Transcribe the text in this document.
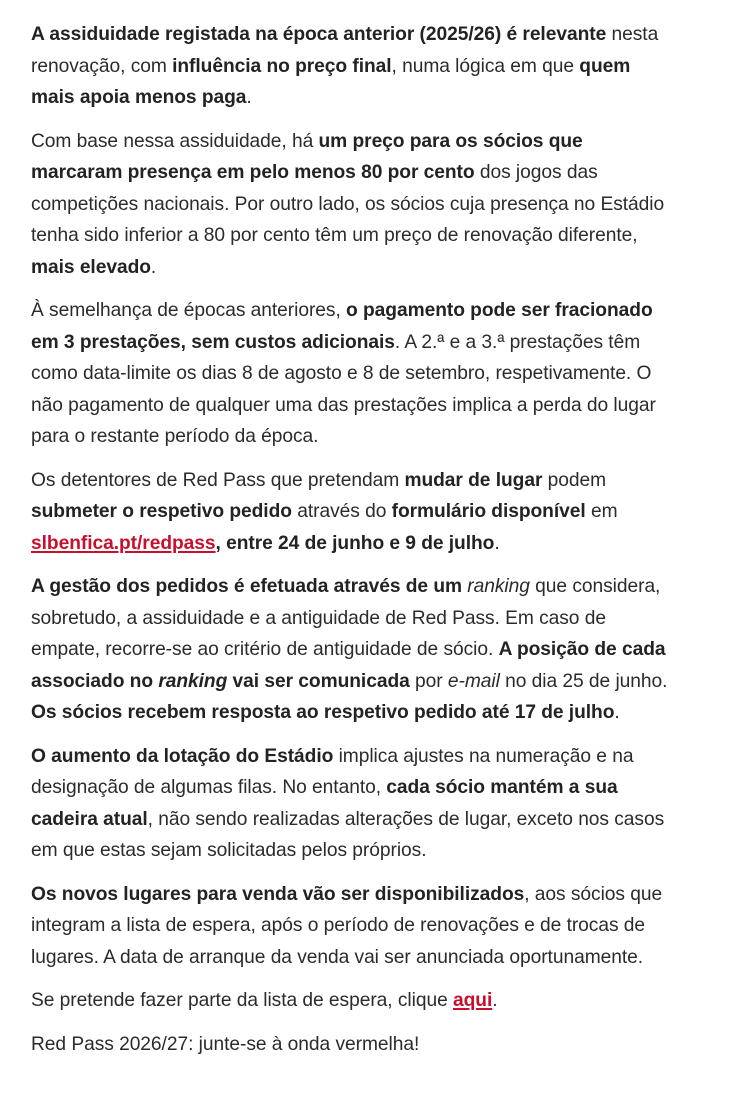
A assiduidade registada na época anterior (2025/26) é relevante nesta renovação, com influência no preço final, numa lógica em que quem mais apoia menos paga.

Com base nessa assiduidade, há um preço para os sócios que marcaram presença em pelo menos 80 por cento dos jogos das competições nacionais. Por outro lado, os sócios cuja presença no Estádio tenha sido inferior a 80 por cento têm um preço de renovação diferente, mais elevado.

À semelhança de épocas anteriores, o pagamento pode ser fracionado em 3 prestações, sem custos adicionais. A 2.ª e a 3.ª prestações têm como data-limite os dias 8 de agosto e 8 de setembro, respetivamente. O não pagamento de qualquer uma das prestações implica a perda do lugar para o restante período da época.

Os detentores de Red Pass que pretendam mudar de lugar podem submeter o respetivo pedido através do formulário disponível em slbenfica.pt/redpass, entre 24 de junho e 9 de julho.

A gestão dos pedidos é efetuada através de um ranking que considera, sobretudo, a assiduidade e a antiguidade de Red Pass. Em caso de empate, recorre-se ao critério de antiguidade de sócio. A posição de cada associado no ranking vai ser comunicada por e-mail no dia 25 de junho. Os sócios recebem resposta ao respetivo pedido até 17 de julho.

O aumento da lotação do Estádio implica ajustes na numeração e na designação de algumas filas. No entanto, cada sócio mantém a sua cadeira atual, não sendo realizadas alterações de lugar, exceto nos casos em que estas sejam solicitadas pelos próprios.

Os novos lugares para venda vão ser disponibilizados, aos sócios que integram a lista de espera, após o período de renovações e de trocas de lugares. A data de arranque da venda vai ser anunciada oportunamente.

Se pretende fazer parte da lista de espera, clique aqui.

Red Pass 2026/27: junte-se à onda vermelha!
